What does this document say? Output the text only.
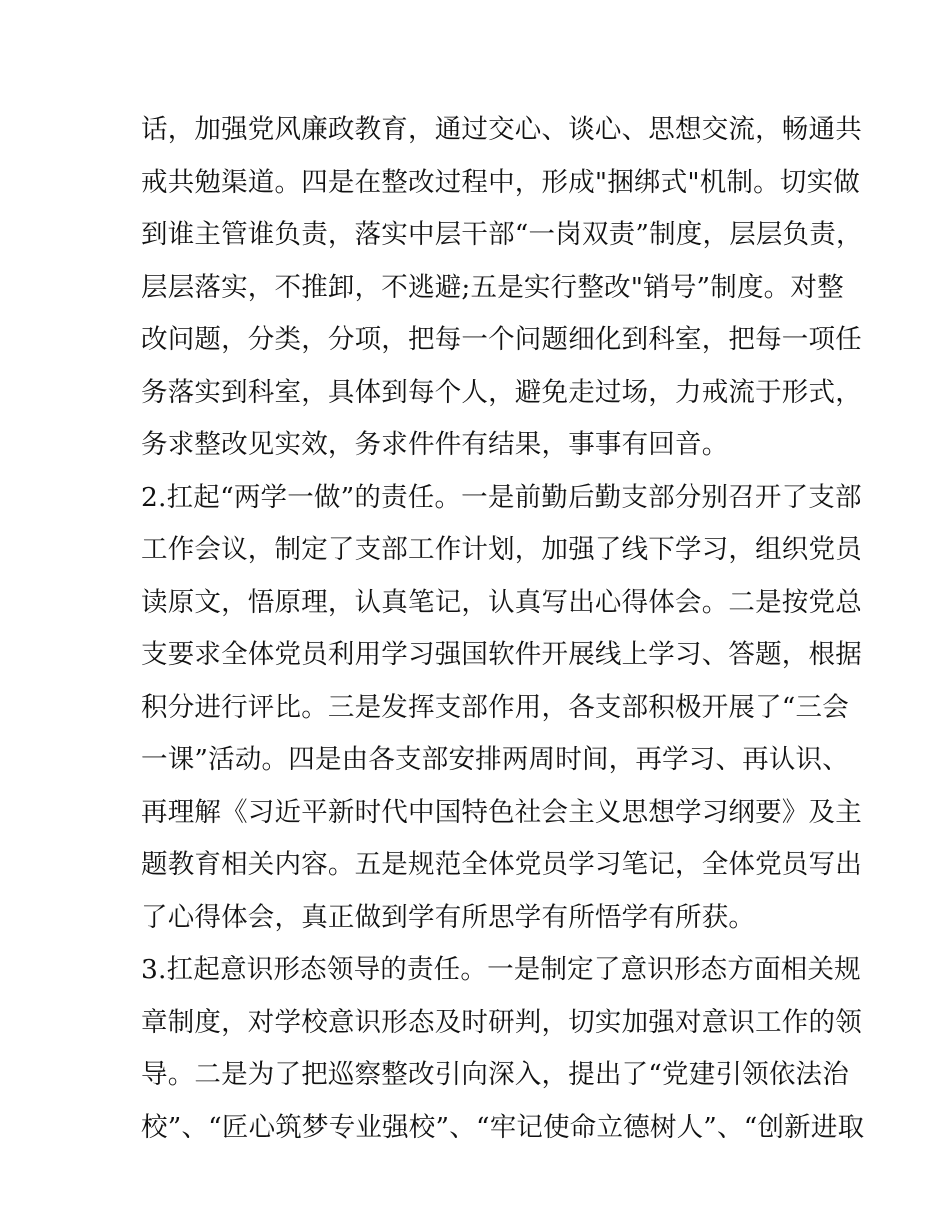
话，加强党风廉政教育，通过交心、谈心、思想交流，畅通共
戒共勉渠道。四是在整改过程中，形成"捆绑式"机制。切实做
到谁主管谁负责，落实中层干部“一岗双责”制度，层层负责，
层层落实，不推卸，不逃避;五是实行整改"销号”制度。对整
改问题，分类，分项，把每一个问题细化到科室，把每一项任
务落实到科室，具体到每个人，避免走过场，力戒流于形式，
务求整改见实效，务求件件有结果，事事有回音。
2.扛起“两学一做”的责任。一是前勤后勤支部分别召开了支部
工作会议，制定了支部工作计划，加强了线下学习，组织党员
读原文，悟原理，认真笔记，认真写出心得体会。二是按党总
支要求全体党员利用学习强国软件开展线上学习、答题，根据
积分进行评比。三是发挥支部作用，各支部积极开展了“三会
一课”活动。四是由各支部安排两周时间，再学习、再认识、
再理解《习近平新时代中国特色社会主义思想学习纲要》及主
题教育相关内容。五是规范全体党员学习笔记，全体党员写出
了心得体会，真正做到学有所思学有所悟学有所获。
3.扛起意识形态领导的责任。一是制定了意识形态方面相关规
章制度，对学校意识形态及时研判，切实加强对意识工作的领
导。二是为了把巡察整改引向深入，提出了“党建引领依法治
校”、“匠心筑梦专业强校”、“牢记使命立德树人”、“创新进取
